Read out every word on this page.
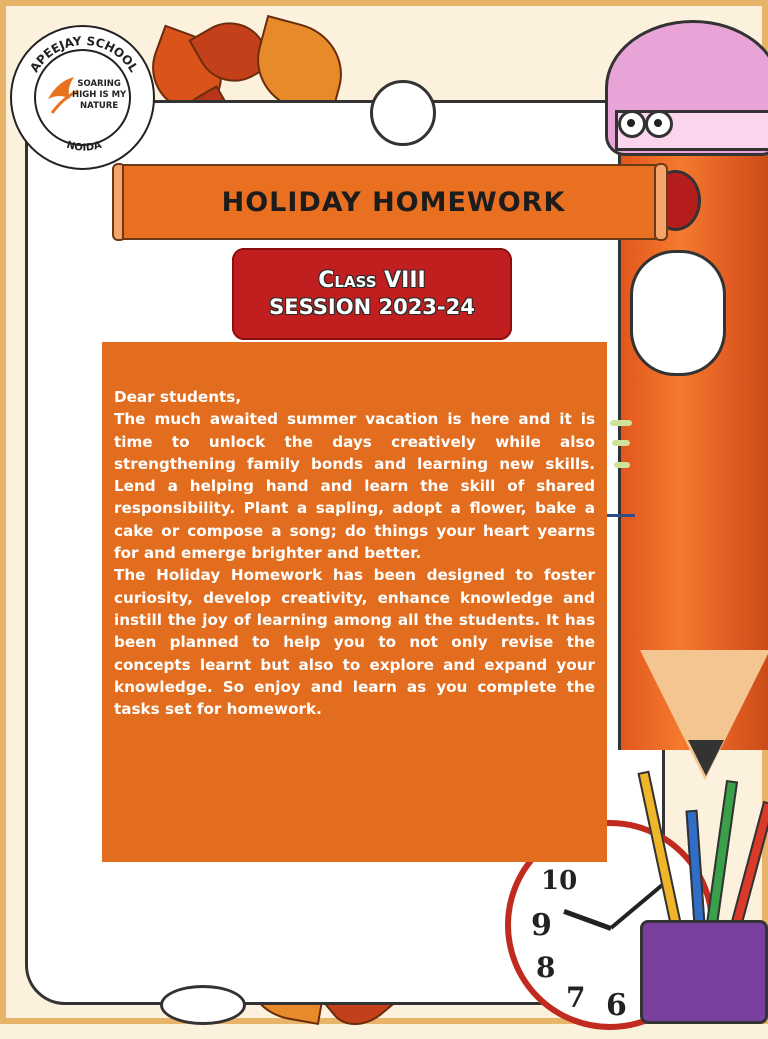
10
9
8
7 6
APEEJAY SCHOOL
NOIDA
SOARING
HIGH IS MY
NATURE
HOLIDAY HOMEWORK
Class VIII
SESSION 2023-24

Dear students,

The much awaited summer vacation is here and it is time to unlock the days creatively while also strengthening family bonds and learning new skills. Lend a helping hand and learn the skill of shared responsibility. Plant a sapling, adopt a flower, bake a cake or compose a song; do things your heart yearns for and emerge brighter and better.

The Holiday Homework has been designed to foster curiosity, develop creativity, enhance knowledge and instill the joy of learning among all the students. It has been planned to help you to not only revise the concepts learnt but also to explore and expand your knowledge. So enjoy and learn as you complete the tasks set for homework.
